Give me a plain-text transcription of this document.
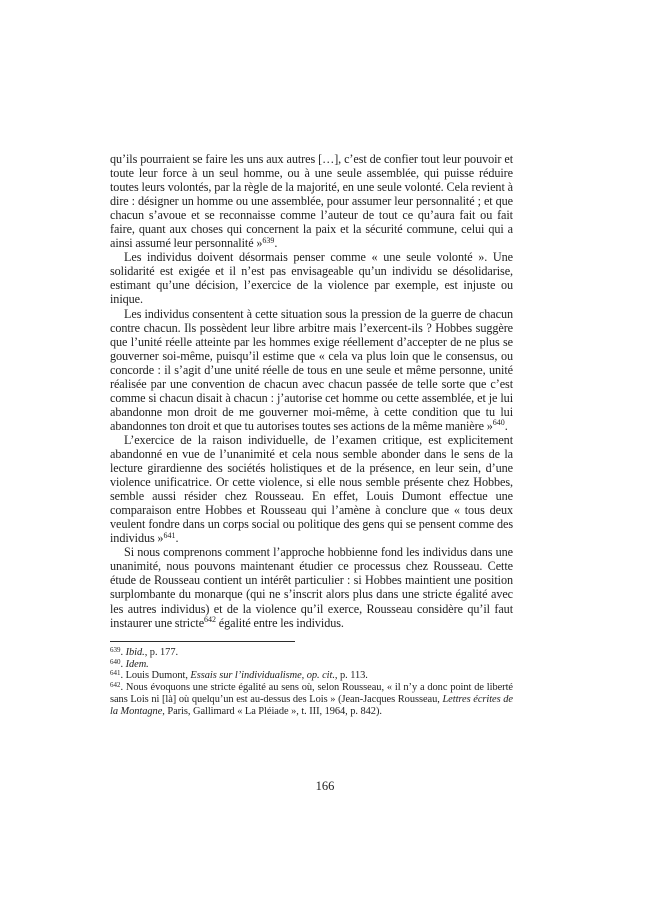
qu’ils pourraient se faire les uns aux autres […], c’est de confier tout leur pouvoir et toute leur force à un seul homme, ou à une seule assemblée, qui puisse réduire toutes leurs volontés, par la règle de la majorité, en une seule volonté. Cela revient à dire : désigner un homme ou une assemblée, pour assumer leur personnalité ; et que chacun s’avoue et se reconnaisse comme l’auteur de tout ce qu’aura fait ou fait faire, quant aux choses qui concernent la paix et la sécurité commune, celui qui a ainsi assumé leur personnalité »$^{639}$.

Les individus doivent désormais penser comme « une seule volonté ». Une solidarité est exigée et il n’est pas envisageable qu’un individu se désolidarise, estimant qu’une décision, l’exercice de la violence par exemple, est injuste ou inique.

Les individus consentent à cette situation sous la pression de la guerre de chacun contre chacun. Ils possèdent leur libre arbitre mais l’exercent-ils ? Hobbes suggère que l’unité réelle atteinte par les hommes exige réellement d’accepter de ne plus se gouverner soi-même, puisqu’il estime que « cela va plus loin que le consensus, ou concorde : il s’agit d’une unité réelle de tous en une seule et même personne, unité réalisée par une convention de chacun avec chacun passée de telle sorte que c’est comme si chacun disait à chacun : j’autorise cet homme ou cette assemblée, et je lui abandonne mon droit de me gouverner moi-même, à cette condition que tu lui abandonnes ton droit et que tu autorises toutes ses actions de la même manière »$^{640}$.

L’exercice de la raison individuelle, de l’examen critique, est explicitement abandonné en vue de l’unanimité et cela nous semble abonder dans le sens de la lecture girardienne des sociétés holistiques et de la présence, en leur sein, d’une violence unificatrice. Or cette violence, si elle nous semble présente chez Hobbes, semble aussi résider chez Rousseau. En effet, Louis Dumont effectue une comparaison entre Hobbes et Rousseau qui l’amène à conclure que « tous deux veulent fondre dans un corps social ou politique des gens qui se pensent comme des individus »$^{641}$.

Si nous comprenons comment l’approche hobbienne fond les individus dans une unanimité, nous pouvons maintenant étudier ce processus chez Rousseau. Cette étude de Rousseau contient un intérêt particulier : si Hobbes maintient une position surplombante du monarque (qui ne s’inscrit alors plus dans une stricte égalité avec les autres individus) et de la violence qu’il exerce, Rousseau considère qu’il faut instaurer une stricte$^{642}$ égalité entre les individus.

$^{639}$. Ibid., p. 177.
$^{640}$. Idem.
$^{641}$. Louis Dumont, Essais sur l’individualisme, op. cit., p. 113.
$^{642}$. Nous évoquons une stricte égalité au sens où, selon Rousseau, « il n’y a donc point de liberté sans Lois ni [là] où quelqu’un est au-dessus des Lois » (Jean-Jacques Rousseau, Lettres écrites de la Montagne, Paris, Gallimard « La Pléiade », t. III, 1964, p. 842).
166
